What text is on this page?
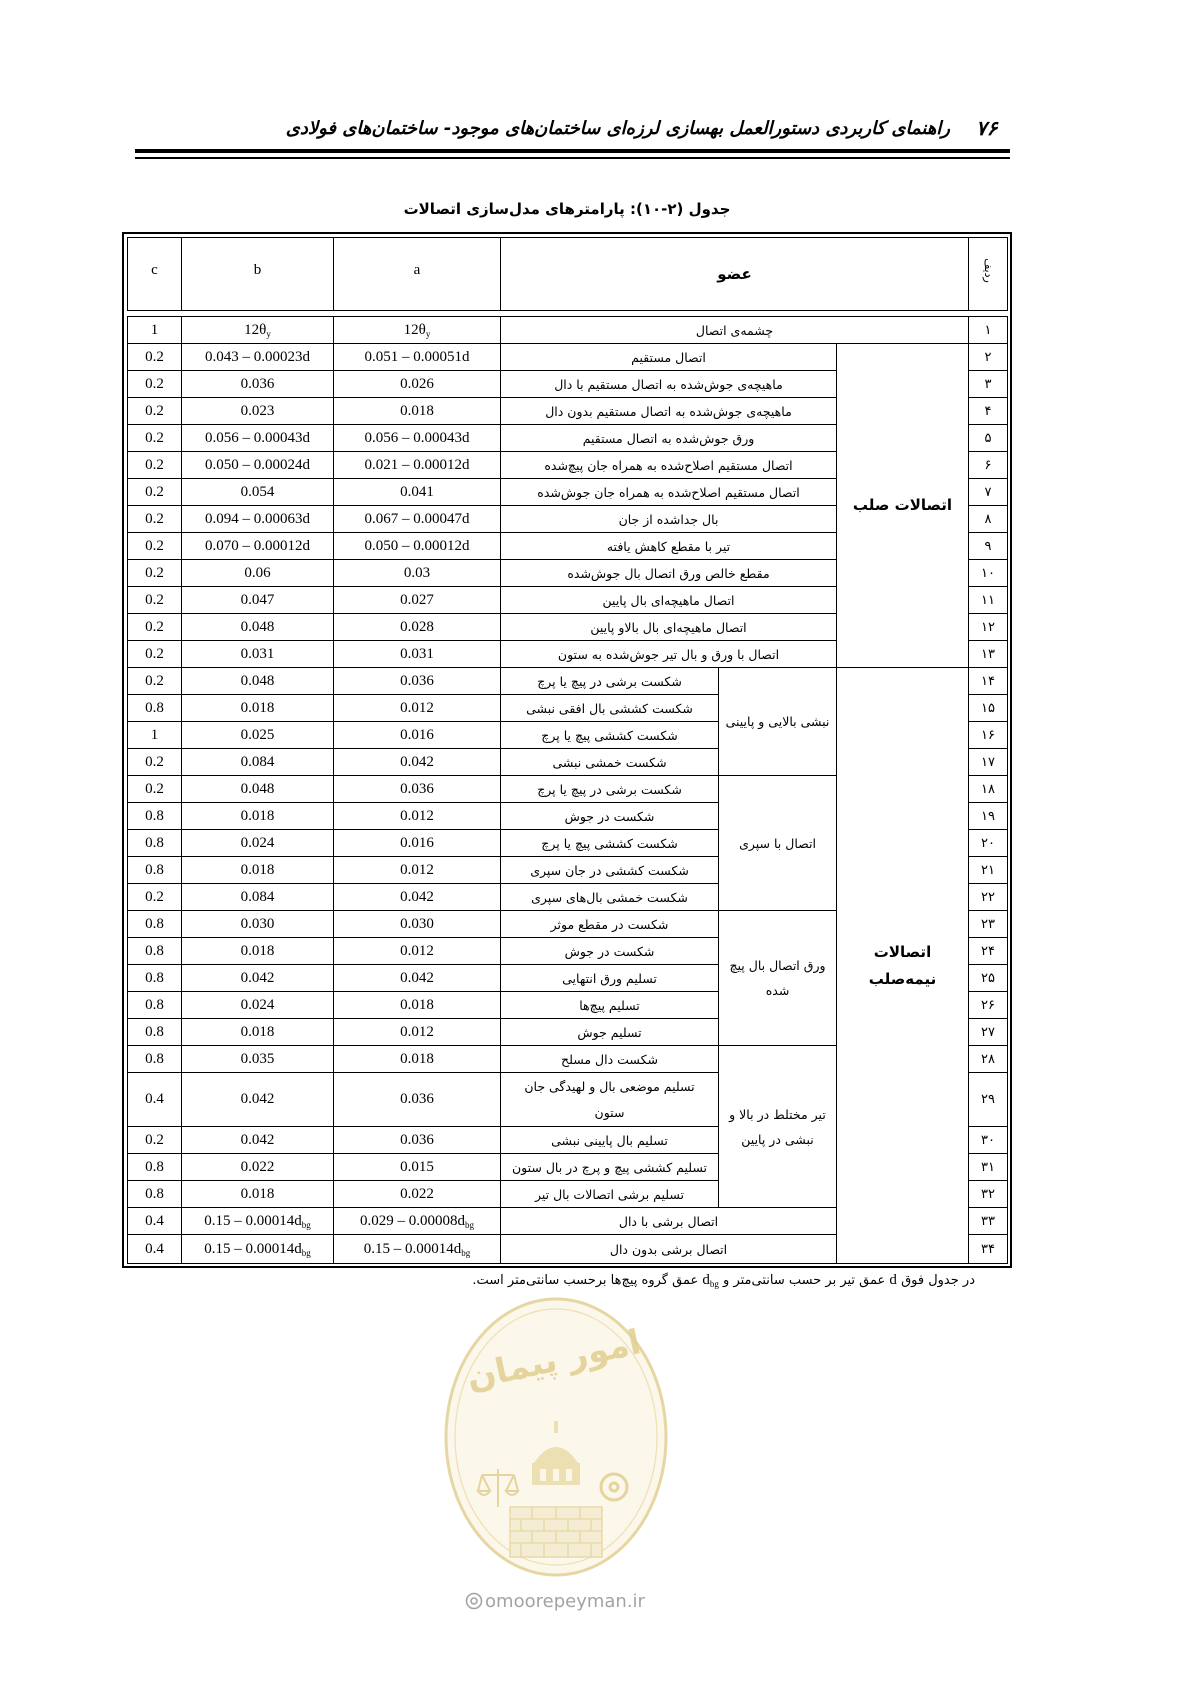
۷۶
راهنمای کاربردی دستورالعمل بهسازی لرزه‌ای ساختمان‌های موجود- ساختمان‌های فولادی
جدول (۲-۱۰): پارامترهای مدل‌سازی اتصالات
ردیف	عضو	a	b	c
۱	چشمه‌ی اتصال			$12\theta_y$	$12\theta_y$	1
۲	اتصالات صلب	اتصال مستقیم		0.051 – 0.00051d	0.043 – 0.00023d	0.2
۳		ماهیچه‌ی جوش‌شده به اتصال مستقیم با دال		0.026	0.036	0.2
۴		ماهیچه‌ی جوش‌شده به اتصال مستقیم بدون دال		0.018	0.023	0.2
۵		ورق جوش‌شده به اتصال مستقیم		0.056 – 0.00043d	0.056 – 0.00043d	0.2
۶		اتصال مستقیم اصلاح‌شده به همراه جان پیچ‌شده		0.021 – 0.00012d	0.050 – 0.00024d	0.2
۷		اتصال مستقیم اصلاح‌شده به همراه جان جوش‌شده		0.041	0.054	0.2
۸		بال جداشده از جان		0.067 – 0.00047d	0.094 – 0.00063d	0.2
۹		تیر با مقطع کاهش یافته		0.050 – 0.00012d	0.070 – 0.00012d	0.2
۱۰		مقطع خالص ورق اتصال بال جوش‌شده		0.03	0.06	0.2
۱۱		اتصال ماهیچه‌ای بال پایین		0.027	0.047	0.2
۱۲		اتصال ماهیچه‌ای بال بالاو پایین		0.028	0.048	0.2
۱۳		اتصال با ورق و بال تیر جوش‌شده به ستون		0.031	0.031	0.2
۱۴	اتصالات نیمه‌صلب	نبشی بالایی و پایینی	شکست برشی در پیچ یا پرچ	0.036	0.048	0.2
۱۵			شکست کششی بال افقی نبشی	0.012	0.018	0.8
۱۶			شکست کششی پیچ یا پرچ	0.016	0.025	1
۱۷			شکست خمشی نبشی	0.042	0.084	0.2
۱۸		اتصال با سپری	شکست برشی در پیچ یا پرچ	0.036	0.048	0.2
۱۹			شکست در جوش	0.012	0.018	0.8
۲۰			شکست کششی پیچ یا پرچ	0.016	0.024	0.8
۲۱			شکست کششی در جان سپری	0.012	0.018	0.8
۲۲			شکست خمشی بال‌های سپری	0.042	0.084	0.2
۲۳		ورق اتصال بال پیچ شده	شکست در مقطع موثر	0.030	0.030	0.8
۲۴			شکست در جوش	0.012	0.018	0.8
۲۵			تسلیم ورق انتهایی	0.042	0.042	0.8
۲۶			تسلیم پیچ‌ها	0.018	0.024	0.8
۲۷			تسلیم جوش	0.012	0.018	0.8
۲۸		تیر مختلط در بالا و نبشی در پایین	شکست دال مسلح	0.018	0.035	0.8
۲۹			تسلیم موضعی بال و لهیدگی جان ستون	0.036	0.042	0.4
۳۰			تسلیم بال پایینی نبشی	0.036	0.042	0.2
۳۱			تسلیم کششی پیچ و پرچ در بال ستون	0.015	0.022	0.8
۳۲			تسلیم برشی اتصالات بال تیر	0.022	0.018	0.8
۳۳		اتصال برشی با دال		$0.029 - 0.00008d_{bg}$	$0.15 - 0.00014d_{bg}$	0.4
۳۴		اتصال برشی بدون دال		$0.15 - 0.00014d_{bg}$	$0.15 - 0.00014d_{bg}$	0.4
در جدول فوق d عمق تیر بر حسب سانتی‌متر و $d_{bg}$ عمق گروه پیچ‌ها برحسب سانتی‌متر است.
امور پیمان
omoorepeyman.ir
